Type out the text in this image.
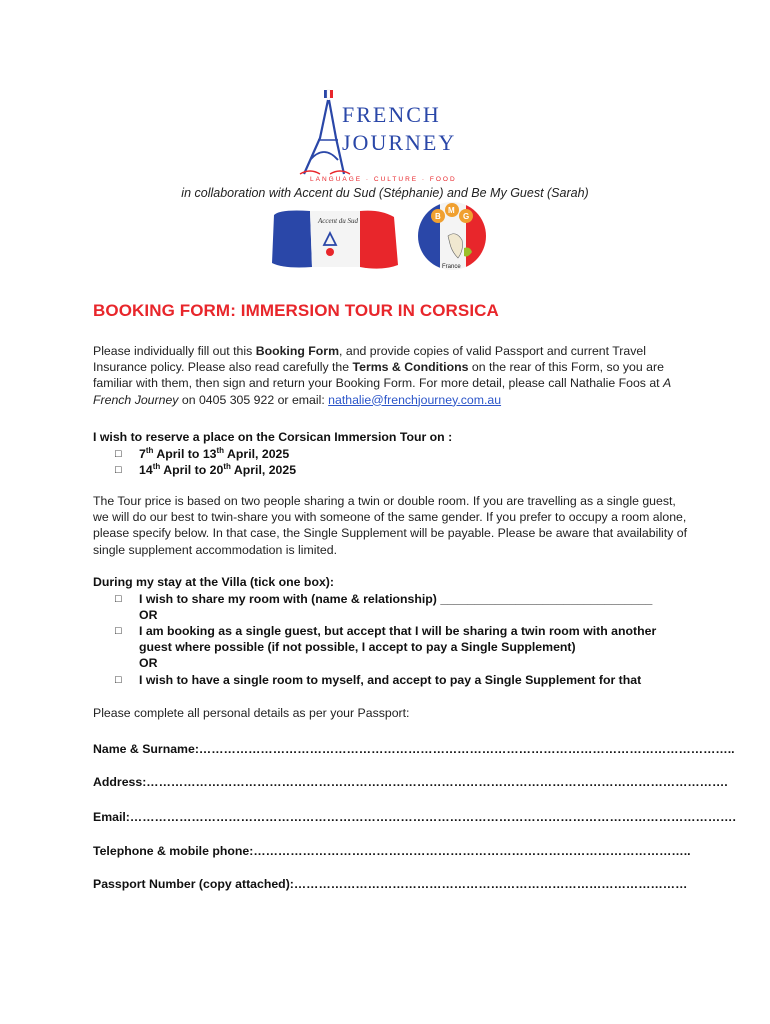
FRENCH
JOURNEY
LANGUAGE · CULTURE · FOOD
in collaboration with Accent du Sud (Stéphanie) and Be My Guest (Sarah)
Accent du Sud	B
M
G
France
BOOKING FORM: IMMERSION TOUR IN CORSICA
Please individually fill out this Booking Form, and provide copies of valid Passport and current Travel Insurance policy. Please also read carefully the Terms & Conditions on the rear of this Form, so you are familiar with them, then sign and return your Booking Form. For more detail, please call Nathalie Foos at A French Journey on 0405 305 922 or email: nathalie@frenchjourney.com.au
I wish to reserve a place on the Corsican Immersion Tour on :
□ 7th April to 13th April, 2025
□ 14th April to 20th April, 2025
The Tour price is based on two people sharing a twin or double room. If you are travelling as a single guest, we will do our best to twin-share you with someone of the same gender. If you prefer to occupy a room alone, please specify below. In that case, the Single Supplement will be payable. Please be aware that availability of single supplement accommodation is limited.
During my stay at the Villa (tick one box):
□ I wish to share my room with (name & relationship) _______________________________
OR
□ I am booking as a single guest, but accept that I will be sharing a twin room with another guest where possible (if not possible, I accept to pay a Single Supplement)
OR
□ I wish to have a single room to myself, and accept to pay a Single Supplement for that
Please complete all personal details as per your Passport:
Name & Surname:…………………………………………………………………………………………………………………..
Address:…………………………………………………………………………………………………………………………….
Email:………………………………………………………………………………………………………………………………….
Telephone & mobile phone:……………………………………………………………………………………………..
Passport Number (copy attached):……………………………………………………………………………………
